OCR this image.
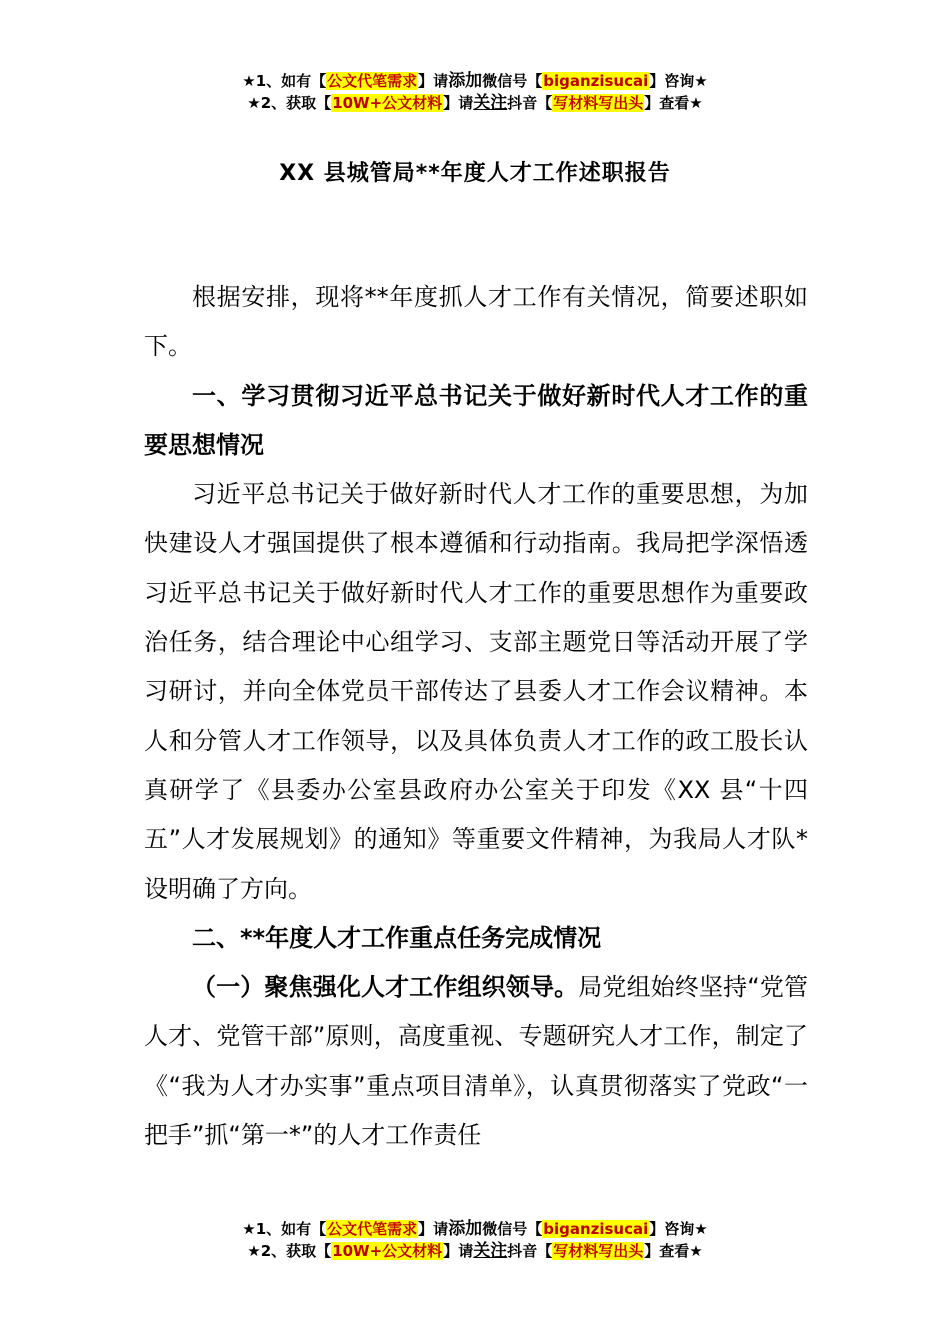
★1、如有【公文代笔需求】请添加微信号【biganzisucai】咨询★
★2、获取【10W+公文材料】请关注抖音【写材料写出头】查看★
XX 县城管局**年度人才工作述职报告

根据安排，现将**年度抓人才工作有关情况，简要述职如下。

一、学习贯彻习近平总书记关于做好新时代人才工作的重要思想情况

习近平总书记关于做好新时代人才工作的重要思想，为加快建设人才强国提供了根本遵循和行动指南。我局把学深悟透习近平总书记关于做好新时代人才工作的重要思想作为重要政治任务，结合理论中心组学习、支部主题党日等活动开展了学习研讨，并向全体党员干部传达了县委人才工作会议精神。本人和分管人才工作领导，以及具体负责人才工作的政工股长认真研学了《县委办公室县政府办公室关于印发《XX 县“十四五”人才发展规划》的通知》等重要文件精神，为我局人才队*设明确了方向。

二、**年度人才工作重点任务完成情况

（一）聚焦强化人才工作组织领导。局党组始终坚持“党管人才、党管干部”原则，高度重视、专题研究人才工作，制定了《“我为人才办实事”重点项目清单》，认真贯彻落实了党政“一把手”抓“第一*”的人才工作责任

★1、如有【公文代笔需求】请添加微信号【biganzisucai】咨询★
★2、获取【10W+公文材料】请关注抖音【写材料写出头】查看★
